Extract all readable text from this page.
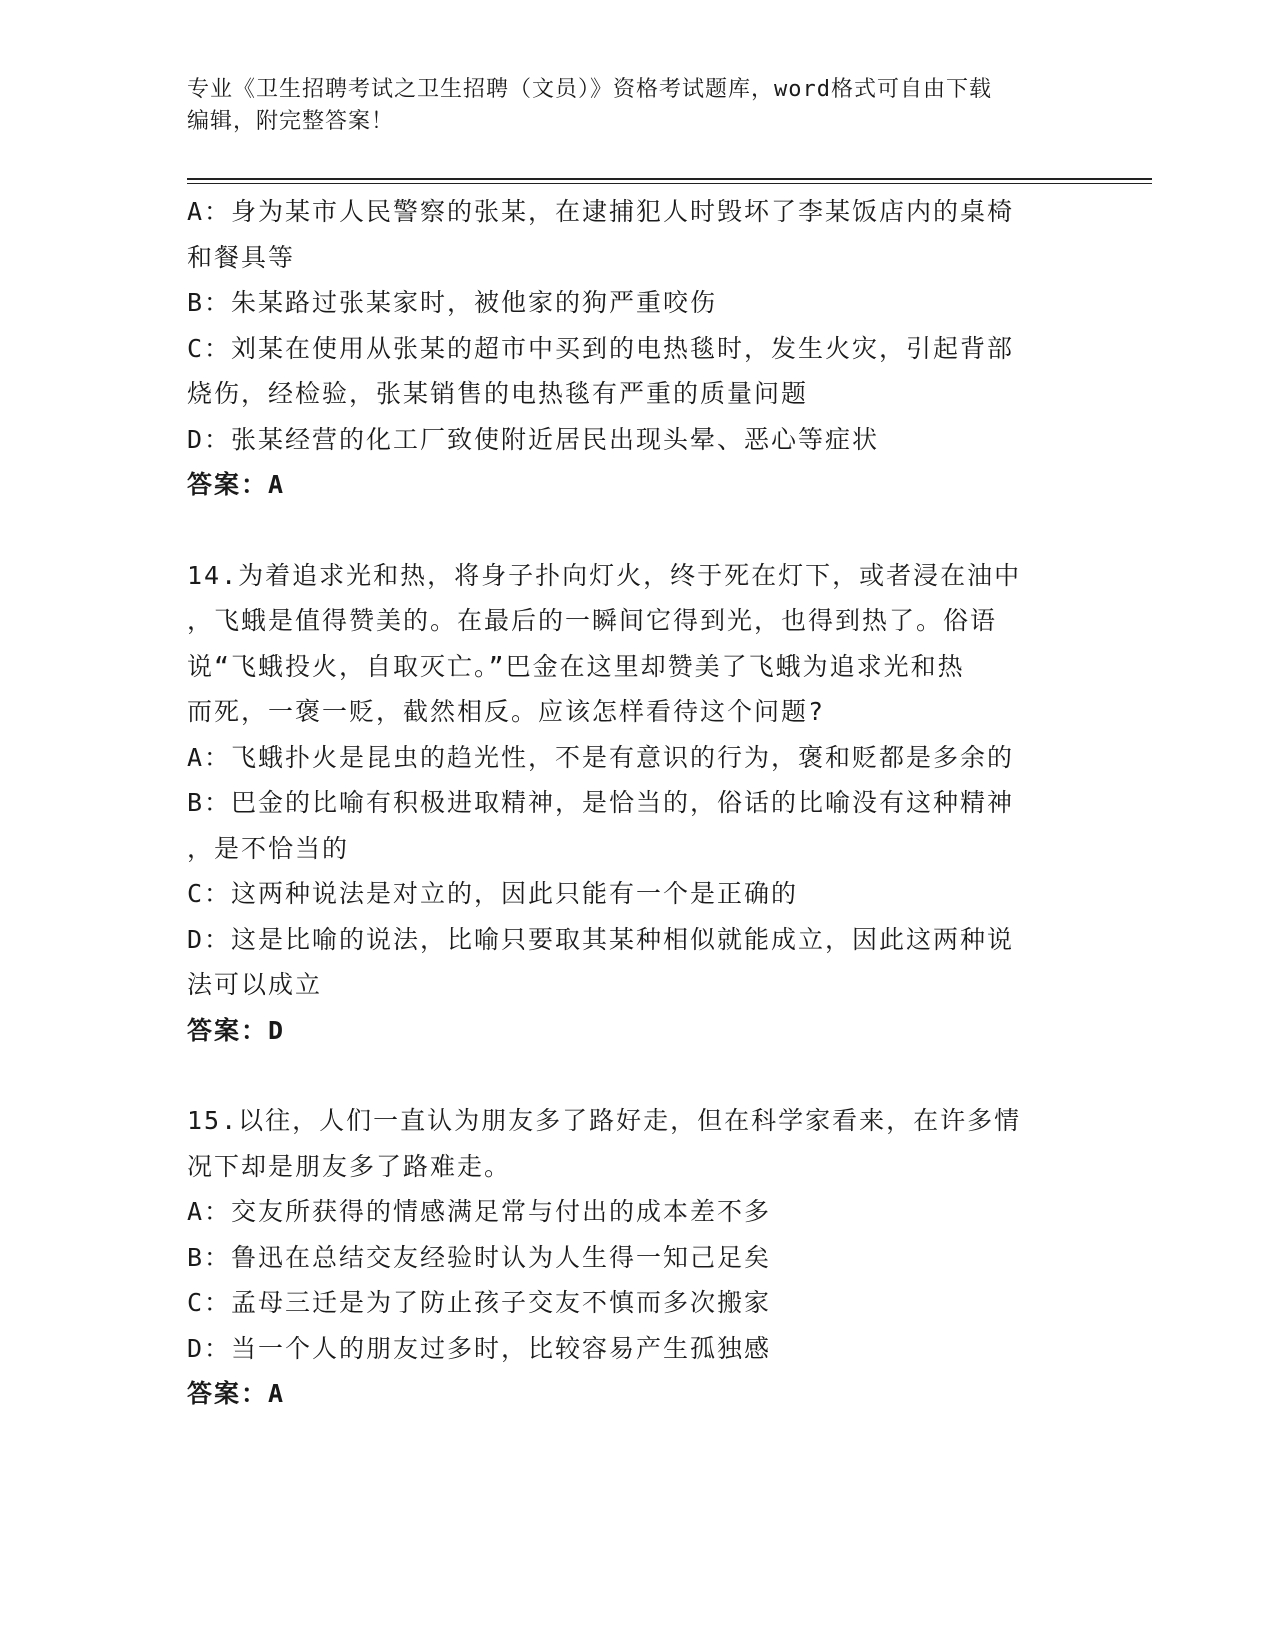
专业《卫生招聘考试之卫生招聘（文员）》资格考试题库，word格式可自由下载
编辑，附完整答案！

A：身为某市人民警察的张某，在逮捕犯人时毁坏了李某饭店内的桌椅

和餐具等

B：朱某路过张某家时，被他家的狗严重咬伤

C：刘某在使用从张某的超市中买到的电热毯时，发生火灾，引起背部

烧伤，经检验，张某销售的电热毯有严重的质量问题

D：张某经营的化工厂致使附近居民出现头晕、恶心等症状

答案：A

14.为着追求光和热，将身子扑向灯火，终于死在灯下，或者浸在油中

，飞蛾是值得赞美的。在最后的一瞬间它得到光，也得到热了。俗语

说“飞蛾投火，自取灭亡。”巴金在这里却赞美了飞蛾为追求光和热

而死，一褒一贬，截然相反。应该怎样看待这个问题?

A：飞蛾扑火是昆虫的趋光性，不是有意识的行为，褒和贬都是多余的

B：巴金的比喻有积极进取精神，是恰当的，俗话的比喻没有这种精神

，是不恰当的

C：这两种说法是对立的，因此只能有一个是正确的

D：这是比喻的说法，比喻只要取其某种相似就能成立，因此这两种说

法可以成立

答案：D

15.以往，人们一直认为朋友多了路好走，但在科学家看来，在许多情

况下却是朋友多了路难走。

A：交友所获得的情感满足常与付出的成本差不多

B：鲁迅在总结交友经验时认为人生得一知己足矣

C：孟母三迁是为了防止孩子交友不慎而多次搬家

D：当一个人的朋友过多时，比较容易产生孤独感

答案：A
